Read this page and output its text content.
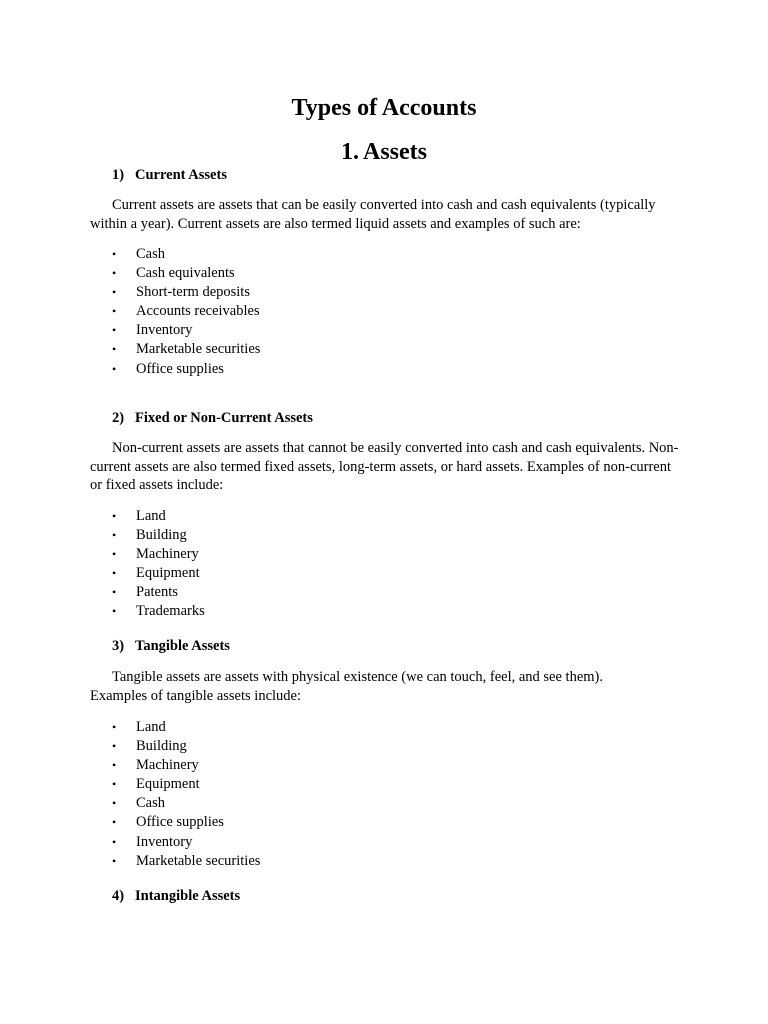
Types of Accounts
1. Assets
1) Current Assets
Current assets are assets that can be easily converted into cash and cash equivalents (typically within a year). Current assets are also termed liquid assets and examples of such are:
• Cash
• Cash equivalents
• Short-term deposits
• Accounts receivables
• Inventory
• Marketable securities
• Office supplies
2) Fixed or Non-Current Assets
Non-current assets are assets that cannot be easily converted into cash and cash equivalents. Non-current assets are also termed fixed assets, long-term assets, or hard assets. Examples of non-current or fixed assets include:
• Land
• Building
• Machinery
• Equipment
• Patents
• Trademarks
3) Tangible Assets
Tangible assets are assets with physical existence (we can touch, feel, and see them). Examples of tangible assets include:
• Land
• Building
• Machinery
• Equipment
• Cash
• Office supplies
• Inventory
• Marketable securities
4) Intangible Assets
